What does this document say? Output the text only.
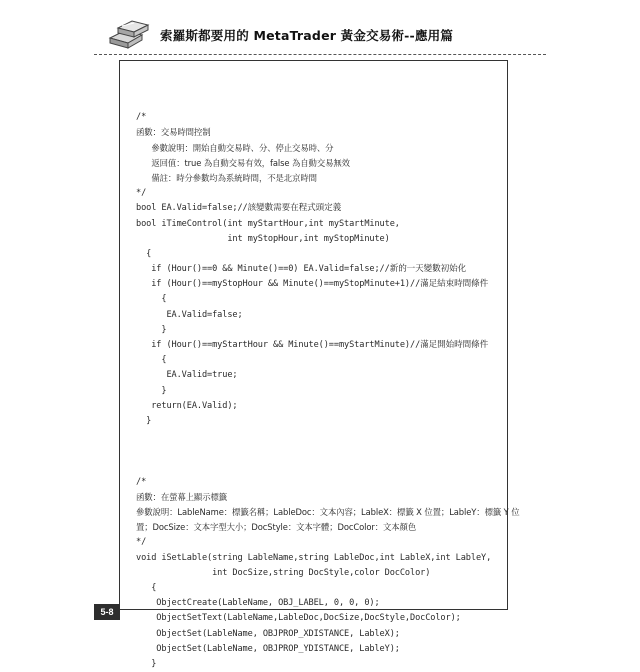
索羅斯都要用的 MetaTrader 黃金交易術--應用篇
/*
函數：交易時間控制
參數說明：開始自動交易時、分、停止交易時、分
返回值：true 為自動交易有效，false 為自動交易無效
備註：時分參數均為系統時間，不是北京時間
*/
bool EA.Valid=false;//該變數需要在程式頭定義
bool iTimeControl(int myStartHour,int myStartMinute,
int myStopHour,int myStopMinute)
{
if (Hour()==0 && Minute()==0) EA.Valid=false;//新的一天變數初始化
if (Hour()==myStopHour && Minute()==myStopMinute+1)//滿足結束時間條件
{
EA.Valid=false;
}
if (Hour()==myStartHour && Minute()==myStartMinute)//滿足開始時間條件
{
EA.Valid=true;
}
return(EA.Valid);
}
/*
函數：在螢幕上顯示標籤
參數說明：LableName：標籤名稱；LableDoc：文本內容；LableX：標籤 X 位置；LableY：標籤 Y 位
置；DocSize：文本字型大小；DocStyle：文本字體；DocColor：文本顏色
*/
void iSetLable(string LableName,string LableDoc,int LableX,int LableY,
int DocSize,string DocStyle,color DocColor)
{
ObjectCreate(LableName, OBJ_LABEL, 0, 0, 0);
ObjectSetText(LableName,LableDoc,DocSize,DocStyle,DocColor);
ObjectSet(LableName, OBJPROP_XDISTANCE, LableX);
ObjectSet(LableName, OBJPROP_YDISTANCE, LableY);
}
5-8
